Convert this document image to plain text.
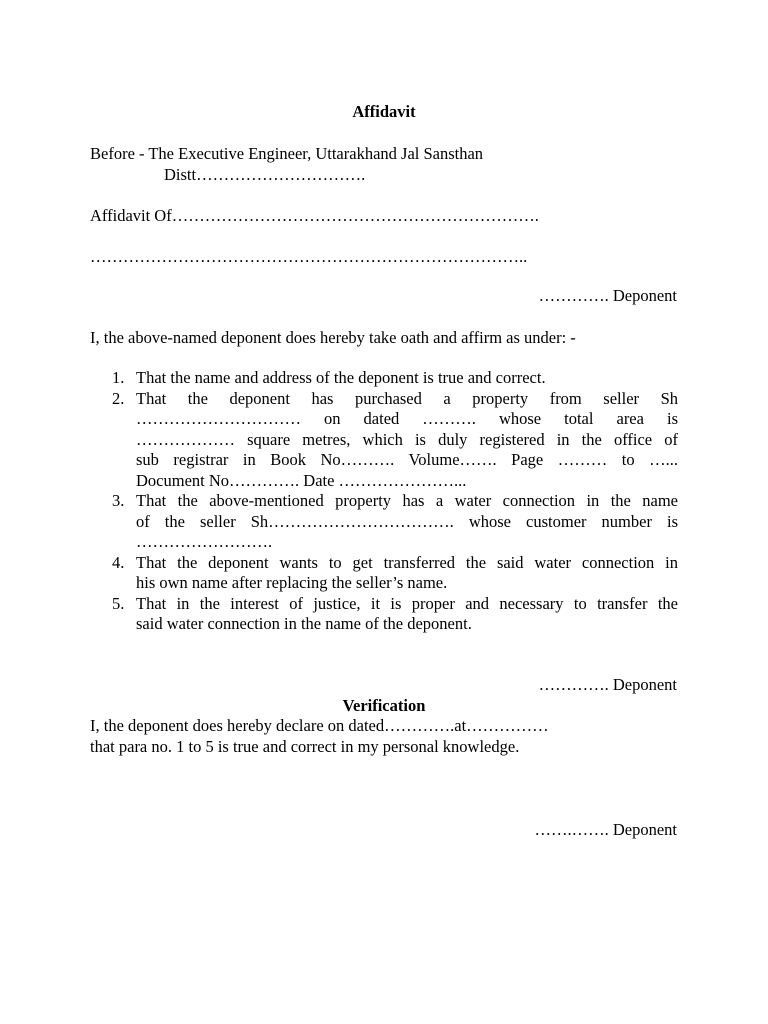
Affidavit
Before - The Executive Engineer, Uttarakhand Jal Sansthan
Distt………………………….
Affidavit Of………………………………………………………….
……………………………………………………………………..
…………. Deponent
I, the above-named deponent does hereby take oath and affirm as under: -
1. That the name and address of the deponent is true and correct.
2. That the deponent has purchased a property from seller Sh
………………………… on dated ………. whose total area is
……………… square metres, which is duly registered in the office of
sub registrar in Book No………. Volume……. Page ……… to …...
Document No…………. Date …………………...
3. That the above-mentioned property has a water connection in the name
of the seller Sh……………………………. whose customer number is
…………………….
4. That the deponent wants to get transferred the said water connection in
his own name after replacing the seller’s name.
5. That in the interest of justice, it is proper and necessary to transfer the
said water connection in the name of the deponent.
…………. Deponent
Verification
I, the deponent does hereby declare on dated………….at……………
that para no. 1 to 5 is true and correct in my personal knowledge.
…….……. Deponent
